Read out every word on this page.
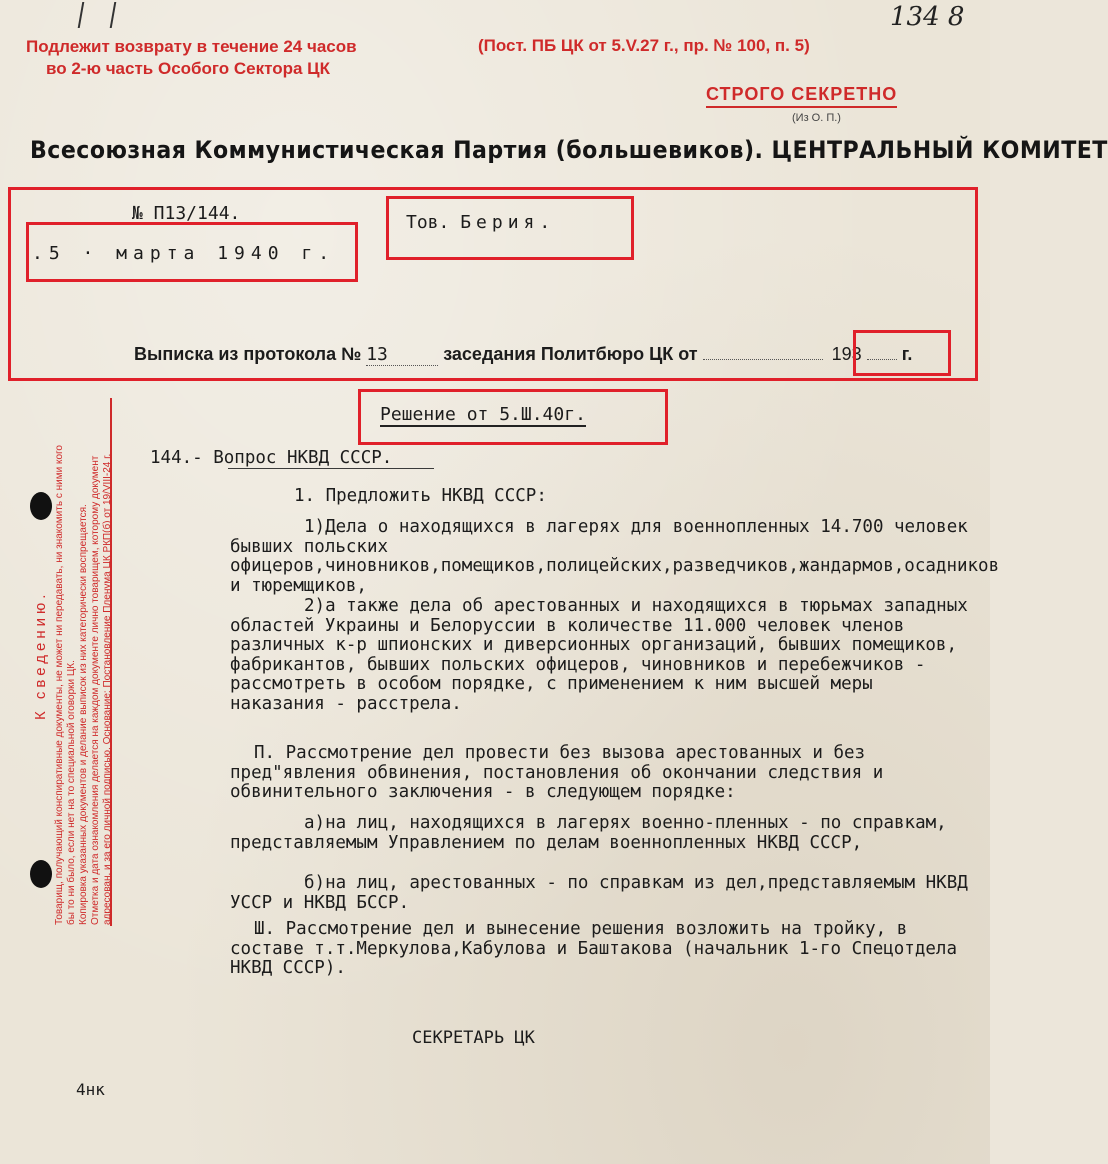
134 8
Подлежит возврату в течение 24 часов
во 2-ю часть Особого Сектора ЦК
(Пост. ПБ ЦК от 5.V.27 г., пр. № 100, п. 5)
СТРОГО СЕКРЕТНО
(Из О. П.)
Всесоюзная Коммунистическая Партия (большевиков). ЦЕНТРАЛЬНЫЙ КОМИТЕТ
№ П13/144.
.5 · марта 1940 г.
Тов. Берия.
Выписка из протокола № 13	заседания Политбюро ЦК от	193 г.
Решение от 5.Ш.40г.
144.- Вопрос НКВД СССР.
1. Предложить НКВД СССР:
1)Дела о находящихся в лагерях для военнопленных 14.700 человек бывших польских офицеров,чиновников,помещиков,полицейских,разведчиков,жандармов,осадников и тюремщиков,
2)а также дела об арестованных и находящихся в тюрьмах западных областей Украины и Белоруссии в количестве 11.000 человек членов различных к-р шпионских и диверсионных организаций, бывших помещиков, фабрикантов, бывших польских офицеров, чиновников и перебежчиков - рассмотреть в особом порядке, с применением к ним высшей меры наказания - расстрела.
П. Рассмотрение дел провести без вызова арестованных и без пред"явления обвинения, постановления об окончании следствия и обвинительного заключения - в следующем порядке:
а)на лиц, находящихся в лагерях военно-пленных - по справкам, представляемым Управлением по делам военнопленных НКВД СССР,
б)на лиц, арестованных - по справкам из дел,представляемым НКВД УССР и НКВД БССР.
Ш. Рассмотрение дел и вынесение решения возложить на тройку, в составе т.т.Меркулова,Кабулова и Баштакова (начальник 1-го Спецотдела НКВД СССР).
СЕКРЕТАРЬ ЦК
4нк
К сведению. Товарищ, получающий конспиративные документы, не может ни передавать, ни знакомить с ними кого бы то ни было, если нет на то специальной оговорки ЦК. Копировка указанных документов и делание выписок из них категорически воспрещается. Отметка и дата ознакомления делается на каждом документе лично товарищем, которому документ адресован, и за его личной подписью. Основание: Постановление Пленума ЦК РКП(б) от 19/VIII-24 г.
